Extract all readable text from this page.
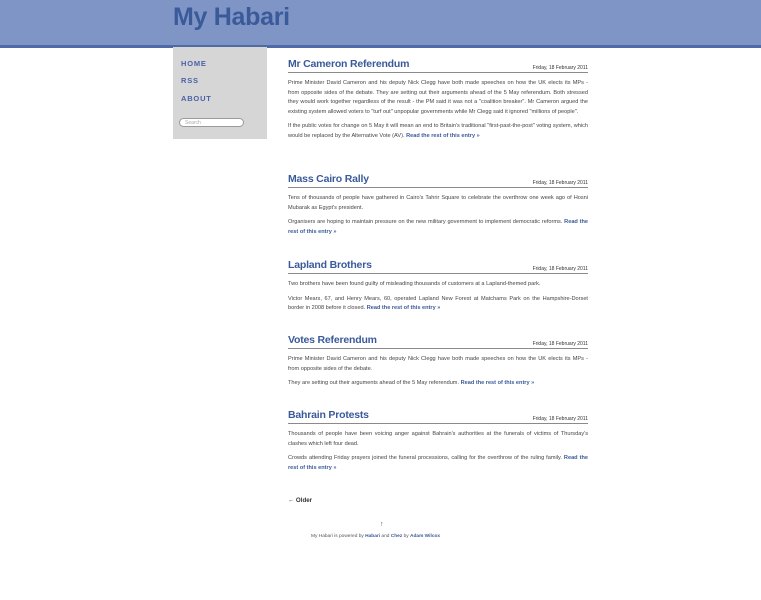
My Habari
HOME
RSS
ABOUT
Search
Mr Cameron Referendum	Friday, 18 February 2011

Prime Minister David Cameron and his deputy Nick Clegg have both made speeches on how the UK elects its MPs - from opposite sides of the debate. They are setting out their arguments ahead of the 5 May referendum. Both stressed they would work together regardless of the result - the PM said it was not a "coalition breaker". Mr Cameron argued the existing system allowed voters to "turf out" unpopular governments while Mr Clegg said it ignored "millions of people".

If the public votes for change on 5 May it will mean an end to Britain's traditional "first-past-the-post" voting system, which would be replaced by the Alternative Vote (AV). Read the rest of this entry »

Mass Cairo Rally	Friday, 18 February 2011

Tens of thousands of people have gathered in Cairo's Tahrir Square to celebrate the overthrow one week ago of Hosni Mubarak as Egypt's president.

Organisers are hoping to maintain pressure on the new military government to implement democratic reforms. Read the rest of this entry »

Lapland Brothers	Friday, 18 February 2011

Two brothers have been found guilty of misleading thousands of customers at a Lapland-themed park.

Victor Mears, 67, and Henry Mears, 60, operated Lapland New Forest at Matchams Park on the Hampshire-Dorset border in 2008 before it closed. Read the rest of this entry »

Votes Referendum	Friday, 18 February 2011

Prime Minister David Cameron and his deputy Nick Clegg have both made speeches on how the UK elects its MPs - from opposite sides of the debate.

They are setting out their arguments ahead of the 5 May referendum. Read the rest of this entry »

Bahrain Protests	Friday, 18 February 2011

Thousands of people have been voicing anger against Bahrain's authorities at the funerals of victims of Thursday's clashes which left four dead.

Crowds attending Friday prayers joined the funeral processions, calling for the overthrow of the ruling family. Read the rest of this entry »

← Older
↑
My Habari is powered by Habari and Chez by Adam Wilcox
